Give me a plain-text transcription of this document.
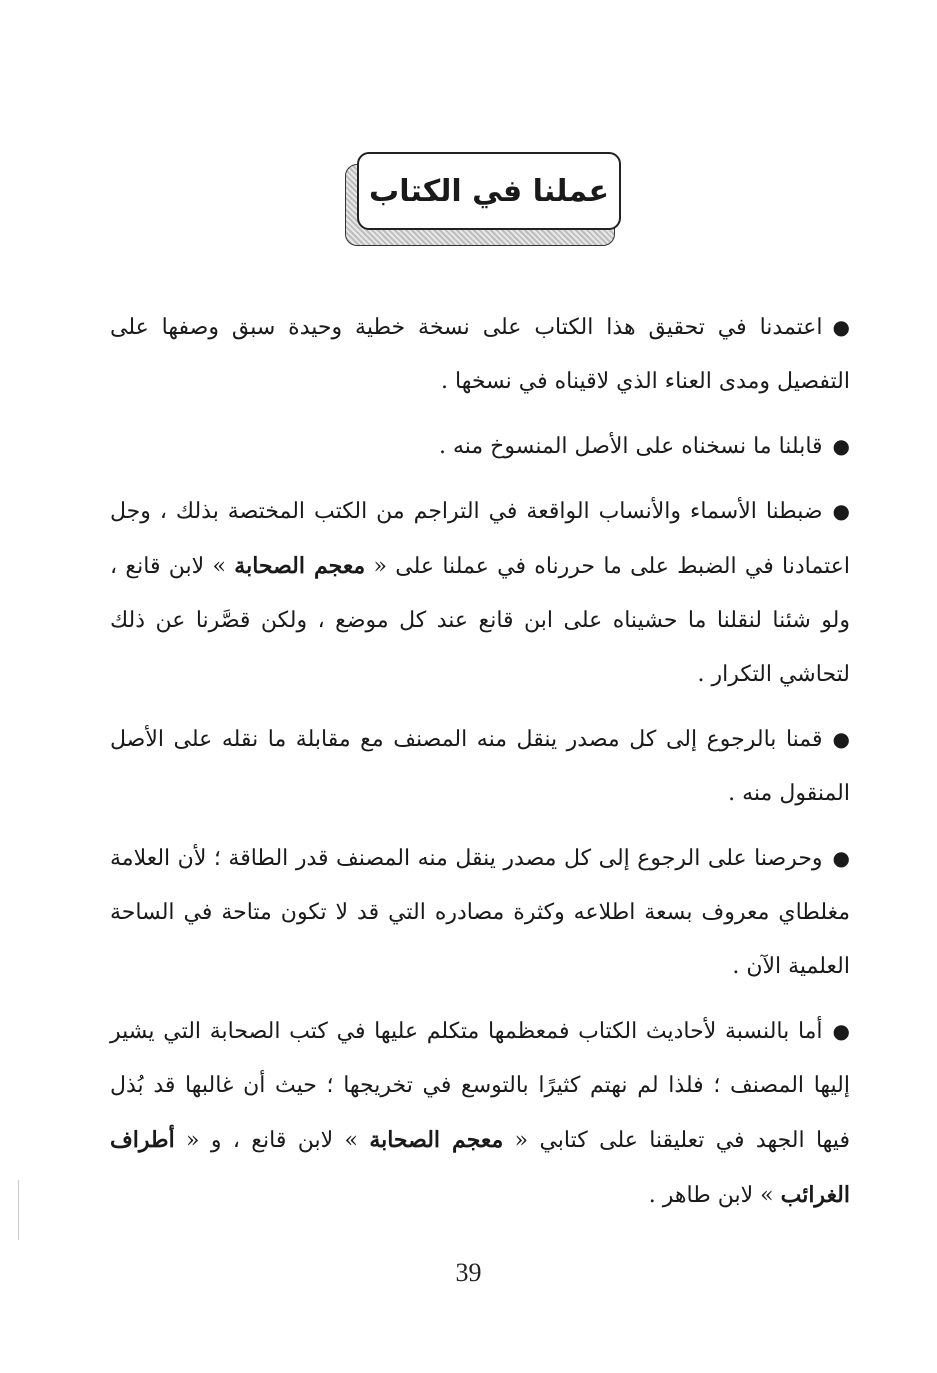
عملنا في الكتاب

●اعتمدنا في تحقيق هذا الكتاب على نسخة خطية وحيدة سبق وصفها على التفصيل ومدى العناء الذي لاقيناه في نسخها .

●قابلنا ما نسخناه على الأصل المنسوخ منه .

●ضبطنا الأسماء والأنساب الواقعة في التراجم من الكتب المختصة بذلك ، وجل اعتمادنا في الضبط على ما حررناه في عملنا على « معجم الصحابة » لابن قانع ، ولو شئنا لنقلنا ما حشيناه على ابن قانع عند كل موضع ، ولكن قصَّرنا عن ذلك لتحاشي التكرار .

●قمنا بالرجوع إلى كل مصدر ينقل منه المصنف مع مقابلة ما نقله على الأصل المنقول منه .

●وحرصنا على الرجوع إلى كل مصدر ينقل منه المصنف قدر الطاقة ؛ لأن العلامة مغلطاي معروف بسعة اطلاعه وكثرة مصادره التي قد لا تكون متاحة في الساحة العلمية الآن .

●أما بالنسبة لأحاديث الكتاب فمعظمها متكلم عليها في كتب الصحابة التي يشير إليها المصنف ؛ فلذا لم نهتم كثيرًا بالتوسع في تخريجها ؛ حيث أن غالبها قد بُذل فيها الجهد في تعليقنا على كتابي « معجم الصحابة » لابن قانع ، و « أطراف الغرائب » لابن طاهر .

39
